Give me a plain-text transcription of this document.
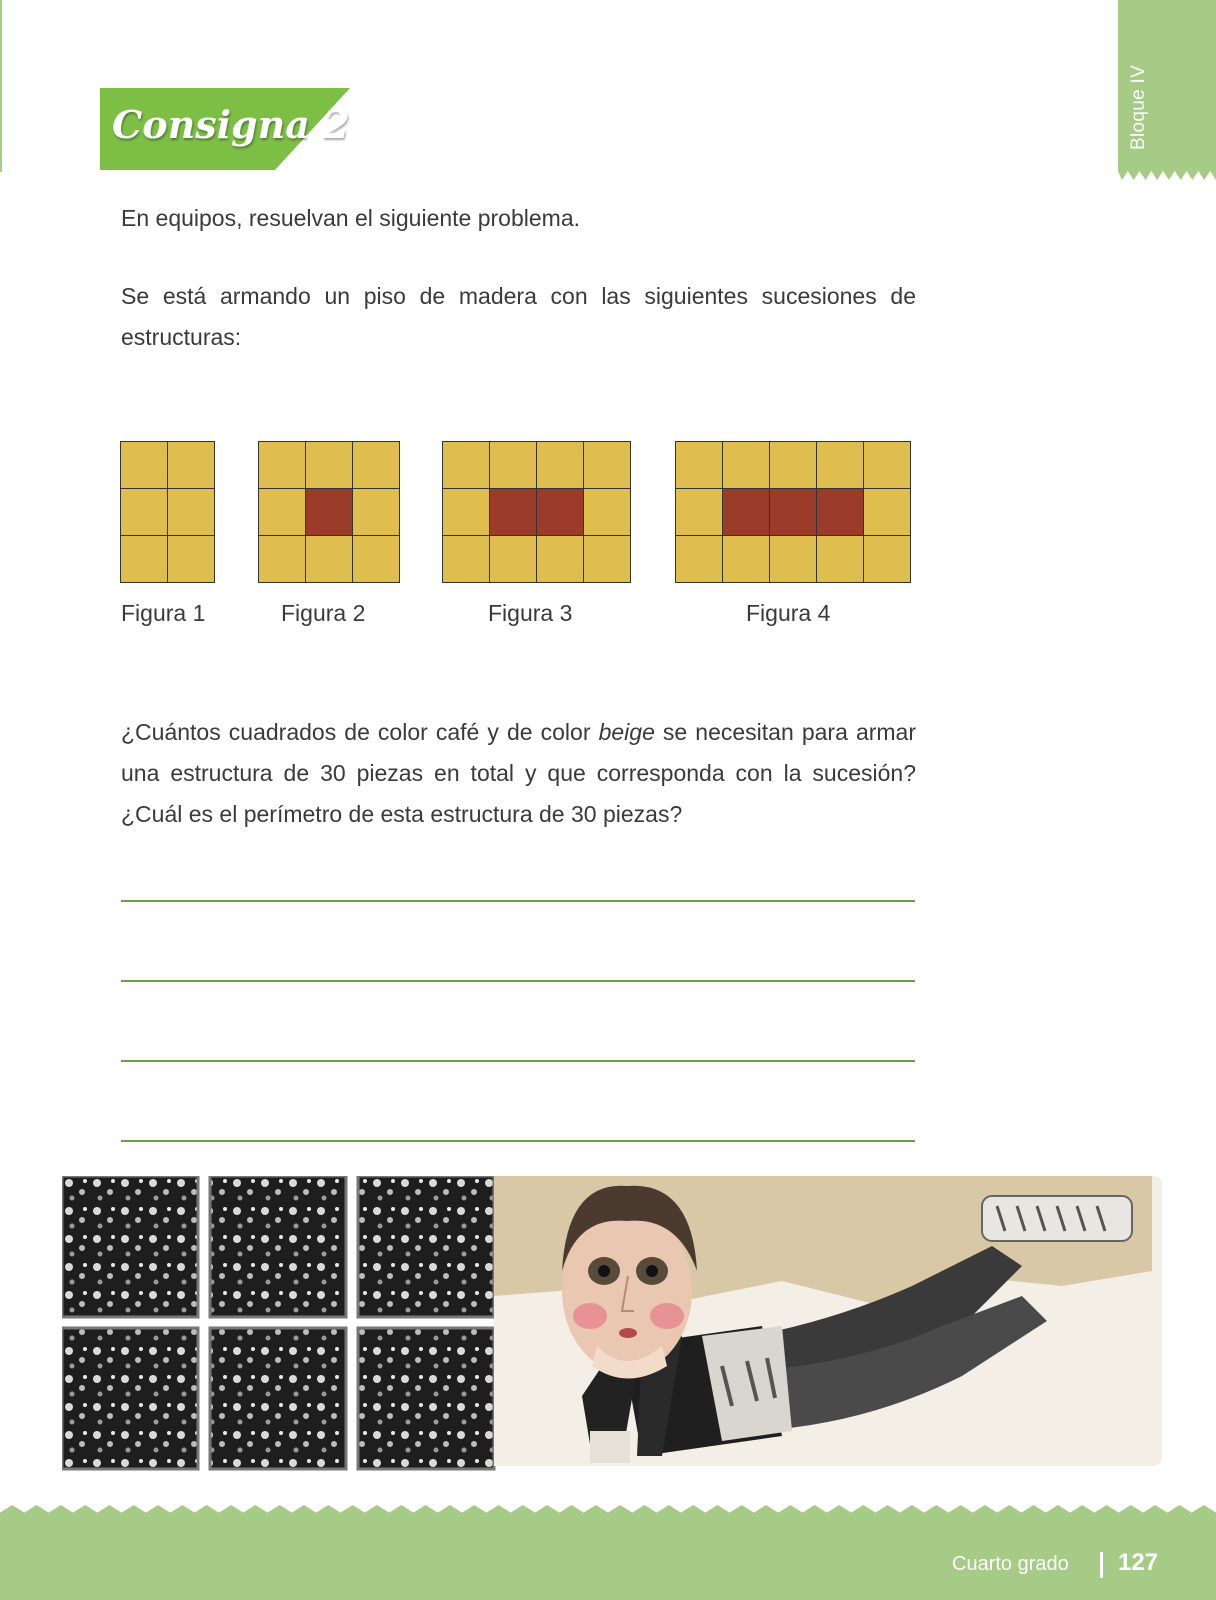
Bloque IV
Consigna 2

En equipos, resuelvan el siguiente problema.

Se está armando un piso de madera con las siguientes sucesiones de estructuras:

Figura 1	Figura 2	Figura 3	Figura 4

¿Cuántos cuadrados de color café y de color beige se necesitan para armar una estructura de 30 piezas en total y que corresponda con la sucesión? ¿Cuál es el perímetro de esta estructura de 30 piezas?

Cuarto grado 127
